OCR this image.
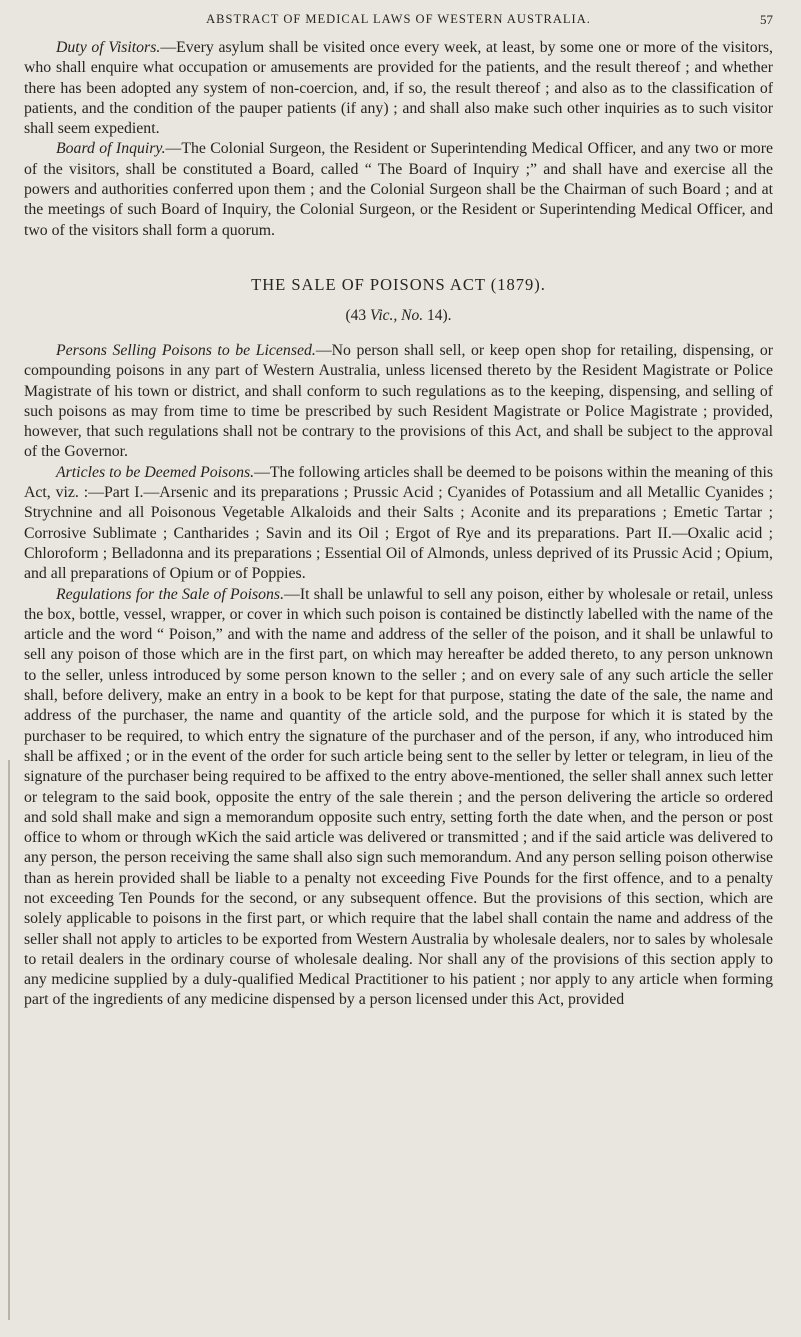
ABSTRACT OF MEDICAL LAWS OF WESTERN AUSTRALIA.	57

Duty of Visitors.—Every asylum shall be visited once every week, at least, by some one or more of the visitors, who shall enquire what occupation or amusements are provided for the patients, and the result thereof ; and whether there has been adopted any system of non-coercion, and, if so, the result thereof ; and also as to the classification of patients, and the condition of the pauper patients (if any) ; and shall also make such other inquiries as to such visitor shall seem expedient.

Board of Inquiry.—The Colonial Surgeon, the Resident or Superintending Medical Officer, and any two or more of the visitors, shall be constituted a Board, called “ The Board of Inquiry ;” and shall have and exercise all the powers and authorities conferred upon them ; and the Colonial Surgeon shall be the Chairman of such Board ; and at the meetings of such Board of Inquiry, the Colonial Surgeon, or the Resident or Superintending Medical Officer, and two of the visitors shall form a quorum.

THE SALE OF POISONS ACT (1879).
(43 Vic., No. 14).

Persons Selling Poisons to be Licensed.—No person shall sell, or keep open shop for retailing, dispensing, or compounding poisons in any part of Western Australia, unless licensed thereto by the Resident Magistrate or Police Magistrate of his town or district, and shall conform to such regulations as to the keeping, dispensing, and selling of such poisons as may from time to time be prescribed by such Resident Magistrate or Police Magistrate ; provided, however, that such regulations shall not be contrary to the provisions of this Act, and shall be subject to the approval of the Governor.

Articles to be Deemed Poisons.—The following articles shall be deemed to be poisons within the meaning of this Act, viz. :—Part I.—Arsenic and its preparations ; Prussic Acid ; Cyanides of Potassium and all Metallic Cyanides ; Strychnine and all Poisonous Vegetable Alkaloids and their Salts ; Aconite and its preparations ; Emetic Tartar ; Corrosive Sublimate ; Cantharides ; Savin and its Oil ; Ergot of Rye and its preparations. Part II.—Oxalic acid ; Chloroform ; Belladonna and its preparations ; Essential Oil of Almonds, unless deprived of its Prussic Acid ; Opium, and all preparations of Opium or of Poppies.

Regulations for the Sale of Poisons.—It shall be unlawful to sell any poison, either by wholesale or retail, unless the box, bottle, vessel, wrapper, or cover in which such poison is contained be distinctly labelled with the name of the article and the word “ Poison,” and with the name and address of the seller of the poison, and it shall be unlawful to sell any poison of those which are in the first part, on which may hereafter be added thereto, to any person unknown to the seller, unless introduced by some person known to the seller ; and on every sale of any such article the seller shall, before delivery, make an entry in a book to be kept for that purpose, stating the date of the sale, the name and address of the purchaser, the name and quantity of the article sold, and the purpose for which it is stated by the purchaser to be required, to which entry the signature of the purchaser and of the person, if any, who introduced him shall be affixed ; or in the event of the order for such article being sent to the seller by letter or telegram, in lieu of the signature of the purchaser being required to be affixed to the entry above-mentioned, the seller shall annex such letter or telegram to the said book, opposite the entry of the sale therein ; and the person delivering the article so ordered and sold shall make and sign a memorandum opposite such entry, setting forth the date when, and the person or post office to whom or through wKich the said article was delivered or transmitted ; and if the said article was delivered to any person, the person receiving the same shall also sign such memorandum. And any person selling poison otherwise than as herein provided shall be liable to a penalty not exceeding Five Pounds for the first offence, and to a penalty not exceeding Ten Pounds for the second, or any subsequent offence. But the provisions of this section, which are solely applicable to poisons in the first part, or which require that the label shall contain the name and address of the seller shall not apply to articles to be exported from Western Australia by wholesale dealers, nor to sales by wholesale to retail dealers in the ordinary course of wholesale dealing. Nor shall any of the provisions of this section apply to any medicine supplied by a duly-qualified Medical Practitioner to his patient ; nor apply to any article when forming part of the ingredients of any medicine dispensed by a person licensed under this Act, provided
